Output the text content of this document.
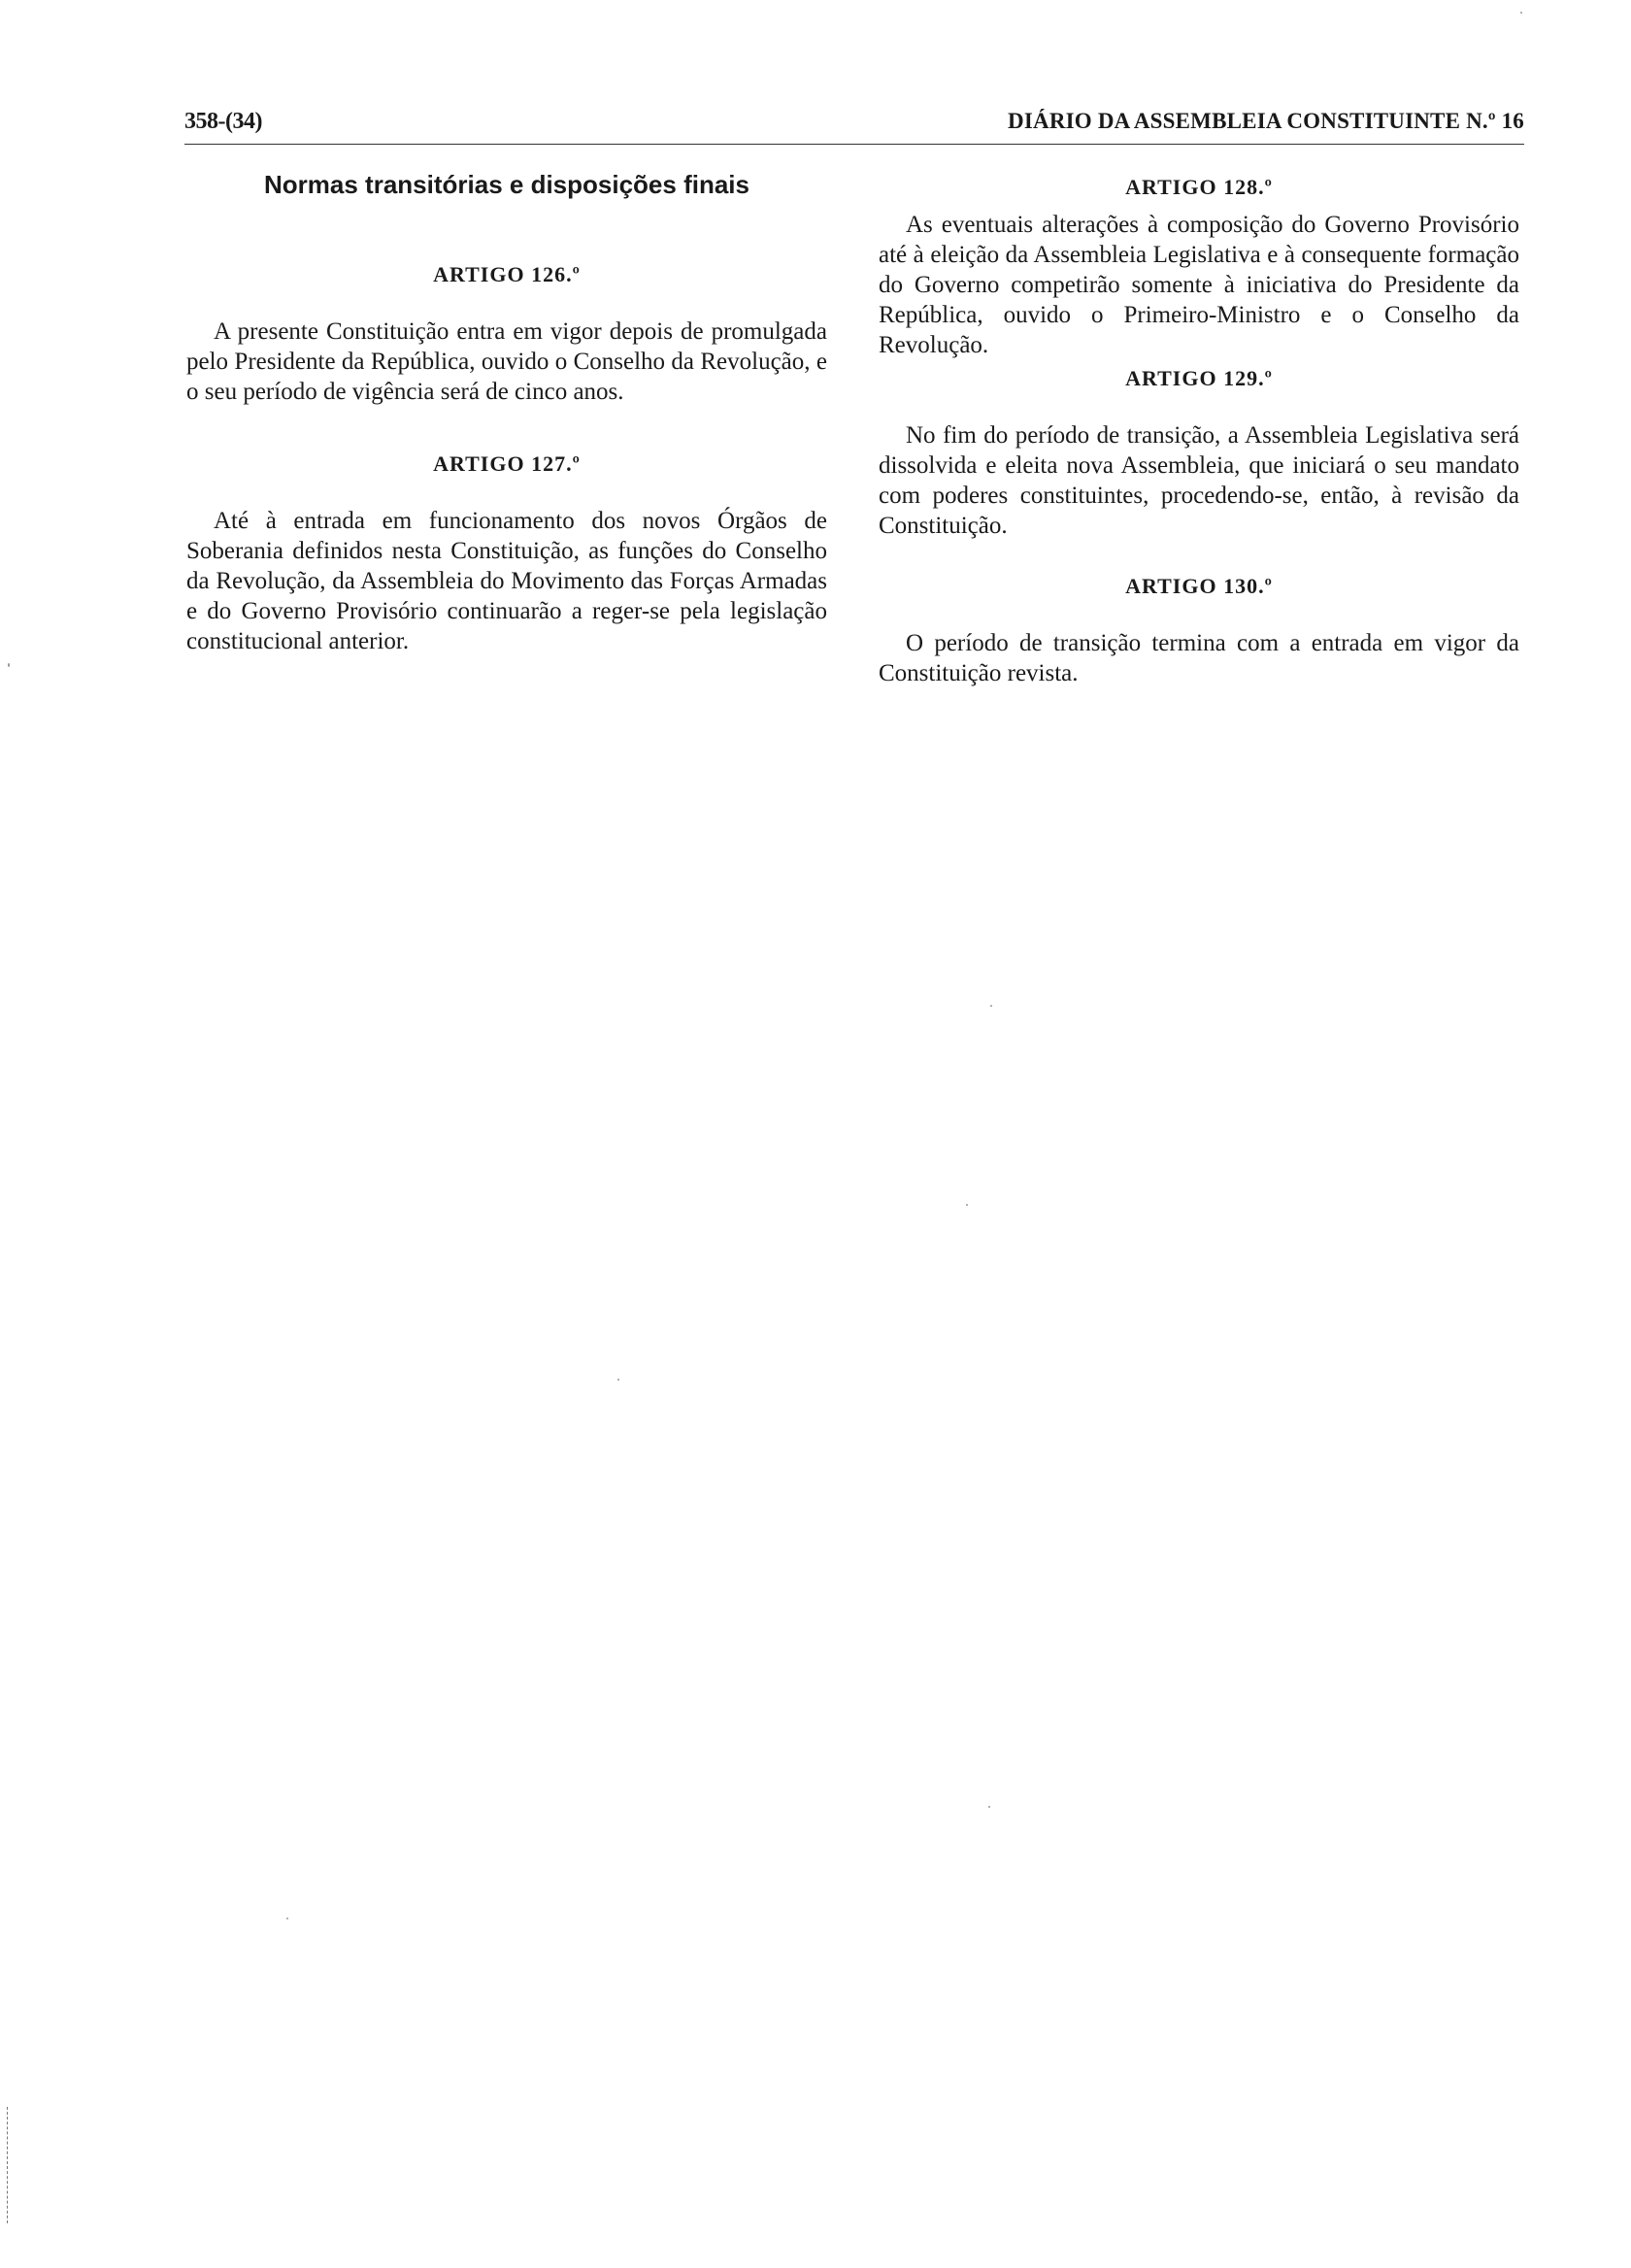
358-(34)	DIÁRIO DA ASSEMBLEIA CONSTITUINTE N.º 16
Normas transitórias e disposições finais
ARTIGO 126.º

A presente Constituição entra em vigor depois de promulgada pelo Presidente da República, ouvido o Conselho da Revolução, e o seu período de vigência será de cinco anos.

ARTIGO 127.º

Até à entrada em funcionamento dos novos Órgãos de Soberania definidos nesta Constituição, as funções do Conselho da Revolução, da Assembleia do Movimento das Forças Armadas e do Governo Provisório continuarão a reger-se pela legislação constitucional anterior.

ARTIGO 128.º

As eventuais alterações à composição do Governo Provisório até à eleição da Assembleia Legislativa e à consequente formação do Governo competirão somente à iniciativa do Presidente da República, ouvido o Primeiro-Ministro e o Conselho da Revolução.

ARTIGO 129.º

No fim do período de transição, a Assembleia Legislativa será dissolvida e eleita nova Assembleia, que iniciará o seu mandato com poderes constituintes, procedendo-se, então, à revisão da Constituição.

ARTIGO 130.º

O período de transição termina com a entrada em vigor da Constituição revista.
